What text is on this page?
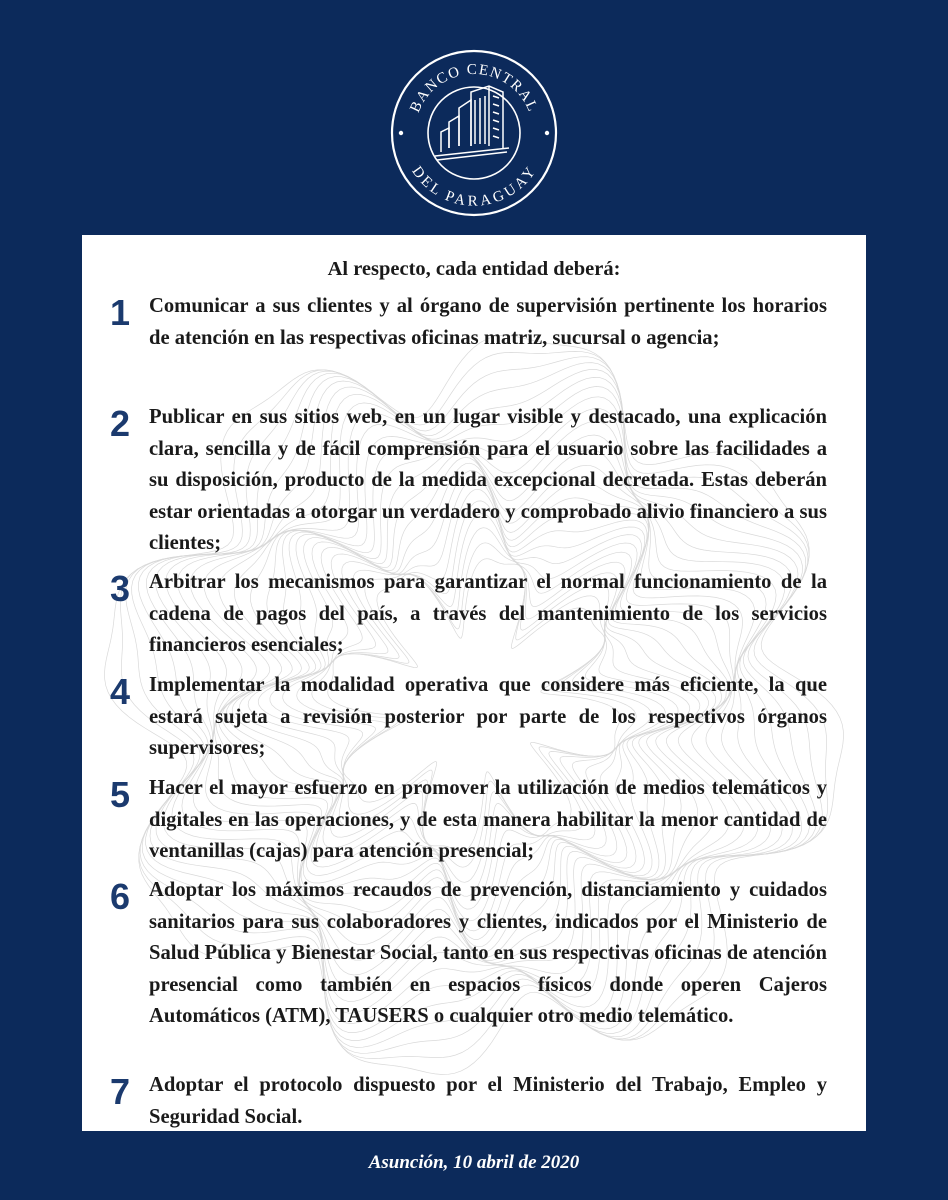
BANCO CENTRAL
DEL PARAGUAY

Al respecto, cada entidad deberá:

1 Comunicar a sus clientes y al órgano de supervisión pertinente los horarios de atención en las respectivas oficinas matriz, sucursal o agencia;

2 Publicar en sus sitios web, en un lugar visible y destacado, una explicación clara, sencilla y de fácil comprensión para el usuario sobre las facilidades a su disposición, producto de la medida excepcional decretada. Estas deberán estar orientadas a otorgar un verdadero y comprobado alivio financiero a sus clientes;

3 Arbitrar los mecanismos para garantizar el normal funcionamiento de la cadena de pagos del país, a través del mantenimiento de los servicios financieros esenciales;

4 Implementar la modalidad operativa que considere más eficiente, la que estará sujeta a revisión posterior por parte de los respectivos órganos supervisores;

5 Hacer el mayor esfuerzo en promover la utilización de medios telemáticos y digitales en las operaciones, y de esta manera habilitar la menor cantidad de ventanillas (cajas) para atención presencial;

6 Adoptar los máximos recaudos de prevención, distanciamiento y cuidados sanitarios para sus colaboradores y clientes, indicados por el Ministerio de Salud Pública y Bienestar Social, tanto en sus respectivas oficinas de atención presencial como también en espacios físicos donde operen Cajeros Automáticos (ATM), TAUSERS o cualquier otro medio telemático.

7 Adoptar el protocolo dispuesto por el Ministerio del Trabajo, Empleo y Seguridad Social.

Asunción, 10 abril de 2020
